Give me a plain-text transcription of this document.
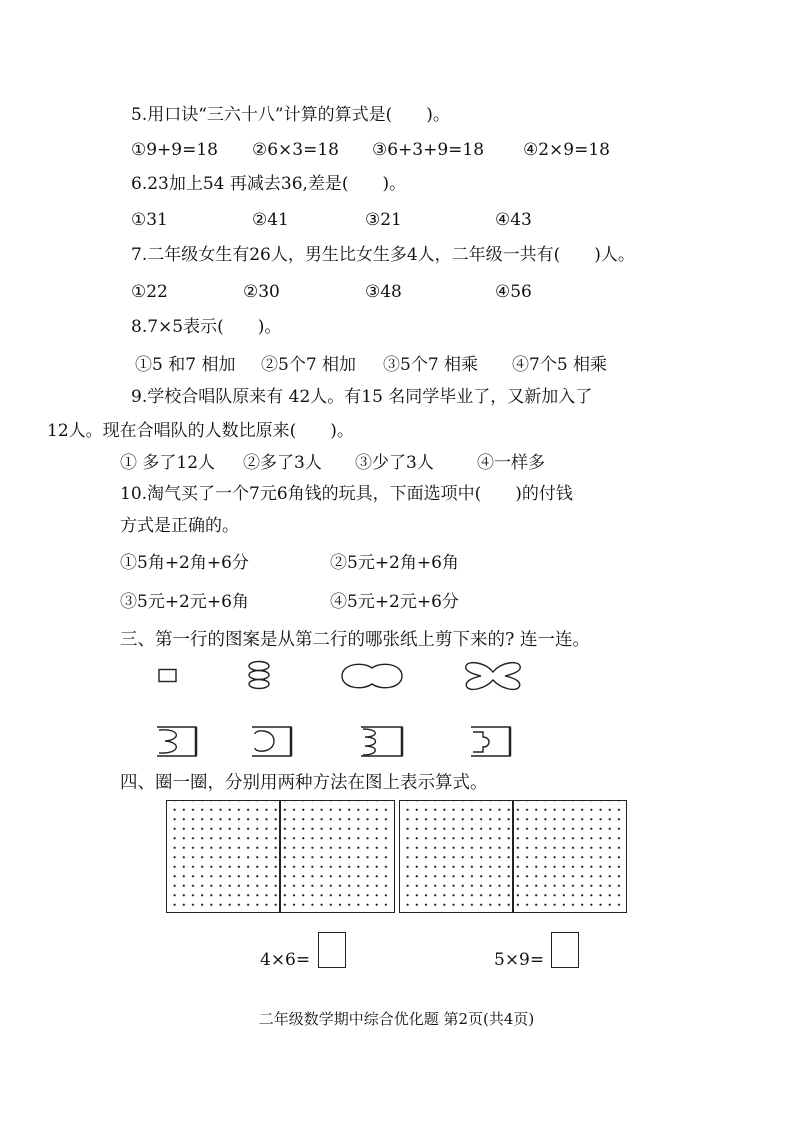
5.用口诀“三六十八”计算的算式是(　　)。
①9+9=18 ②6×3=18 ③6+3+9=18 ④2×9=18
6.23加上54 再减去36,差是(　　)。
①31	②41	③21	④43
7.二年级女生有26人，男生比女生多4人，二年级一共有(　　)人。
①22	②30	③48	④56
8.7×5表示(　　)。
①5 和7 相加 ②5个7 相加 ③5个7 相乘 ④7个5 相乘
9.学校合唱队原来有 42人。有15 名同学毕业了，又新加入了
12人。现在合唱队的人数比原来(　　)。
① 多了12人 ②多了3人 ③少了3人	④一样多
10.淘气买了一个7元6角钱的玩具，下面选项中(　　)的付钱
方式是正确的。
①5角+2角+6分	②5元+2角+6角
③5元+2元+6角	④5元+2元+6分
三、第一行的图案是从第二行的哪张纸上剪下来的? 连一连。
四、圈一圈，分别用两种方法在图上表示算式。
4×6=	5×9=
二年级数学期中综合优化题 第2页(共4页)
